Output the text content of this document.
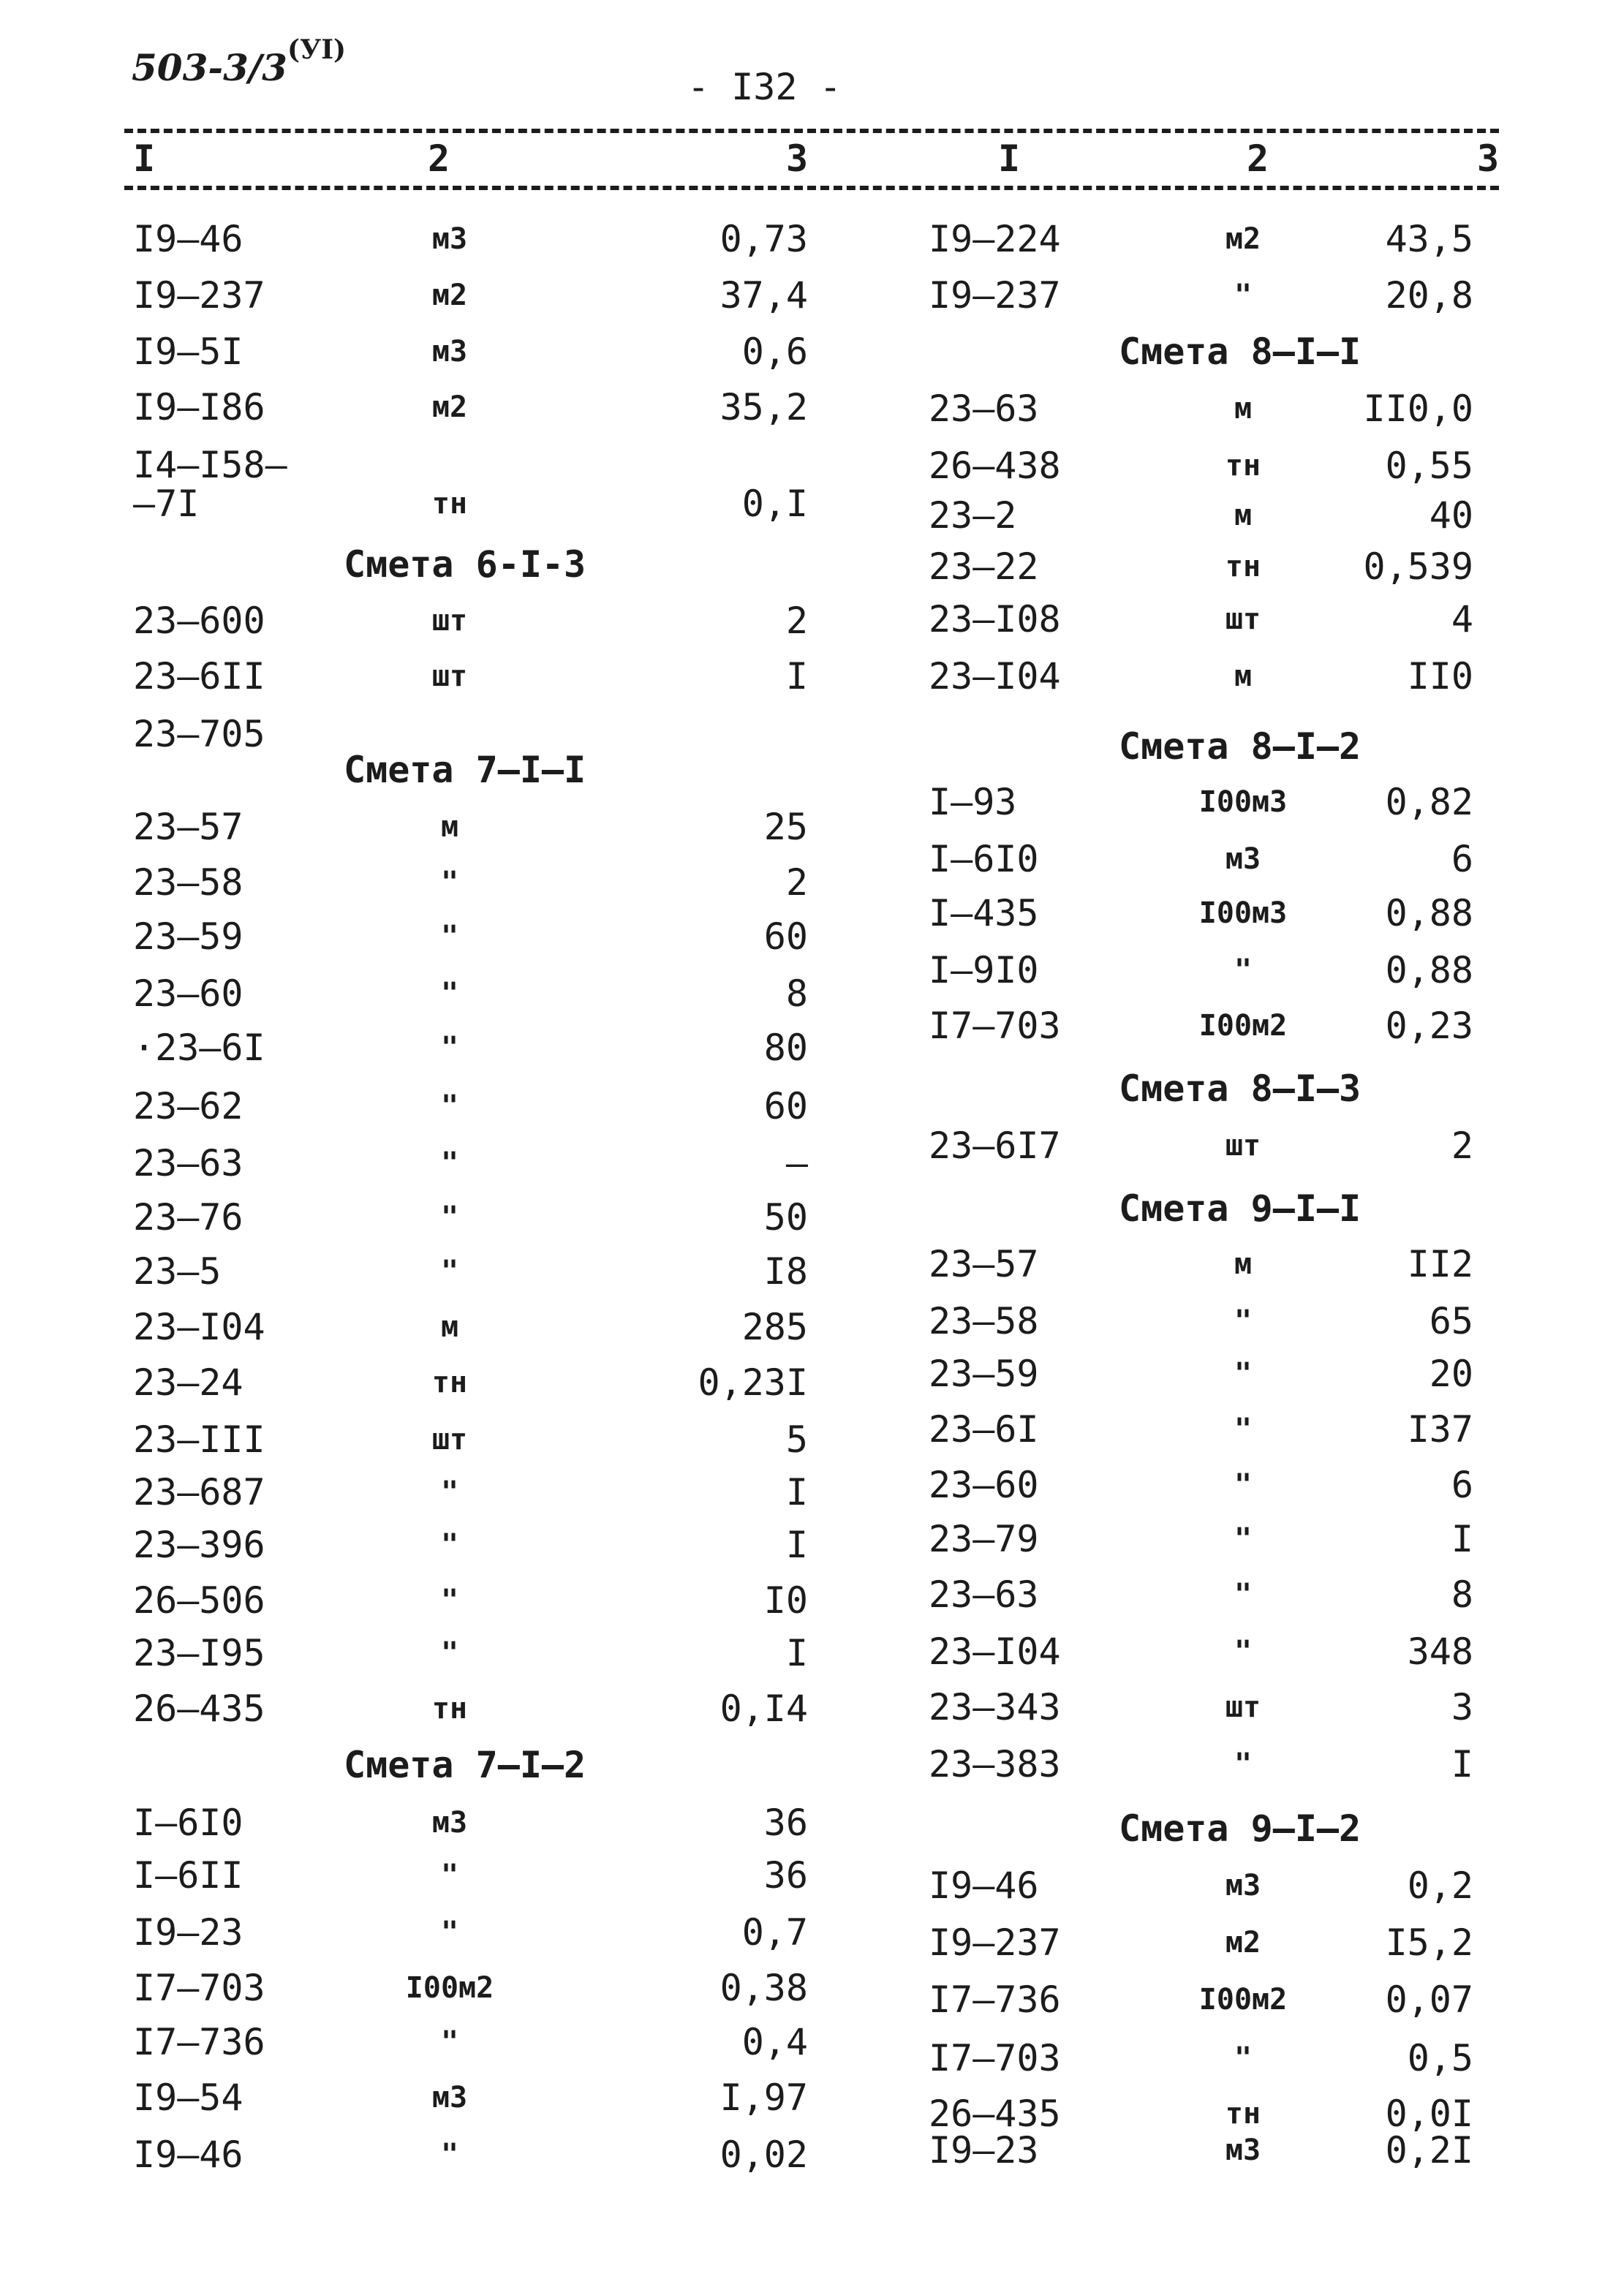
$503-3/3^{(УI)}$
- I32 -
I	2	3	I	2	3
I9–46	м3	0,73
I9–237	м2	37,4
I9–5I	м3	0,6
I9–I86	м2	35,2
I4–I58–
–7I	тн	0,I
Смета 6-I-3
23–600	шт	2
23–6II	шт	I
23–705
Смета 7–I–I
23–57	м	25
23–58	"	2
23–59	"	60
23–60	"	8
·23–6I	"	80
23–62	"	60
23–63	"	–
23–76	"	50
23–5	"	I8
23–I04	м	285
23–24	тн	0,23I
23–III	шт	5
23–687	"	I
23–396	"	I
26–506	"	I0
23–I95	"	I
26–435	тн	0,I4
Смета 7–I–2
I–6I0	м3	36
I–6II	"	36
I9–23	"	0,7
I7–703	I00м2	0,38
I7–736	"	0,4
I9–54	м3	I,97
I9–46	"	0,02
I9–224	м2	43,5
I9–237	"	20,8
Смета 8–I–I
23–63	м	II0,0
26–438	тн	0,55
23–2	м	40
23–22	тн	0,539
23–I08	шт	4
23–I04	м	II0
Смета 8–I–2
I–93	I00м3	0,82
I–6I0	м3	6
I–435	I00м3	0,88
I–9I0	"	0,88
I7–703	I00м2	0,23
Смета 8–I–3
23–6I7	шт	2
Смета 9–I–I
23–57	м	II2
23–58	"	65
23–59	"	20
23–6I	"	I37
23–60	"	6
23–79	"	I
23–63	"	8
23–I04	"	348
23–343	шт	3
23–383	"	I
Смета 9–I–2
I9–46	м3	0,2
I9–237	м2	I5,2
I7–736	I00м2	0,07
I7–703	"	0,5
26–435	тн	0,0I
I9–23	м3	0,2I
